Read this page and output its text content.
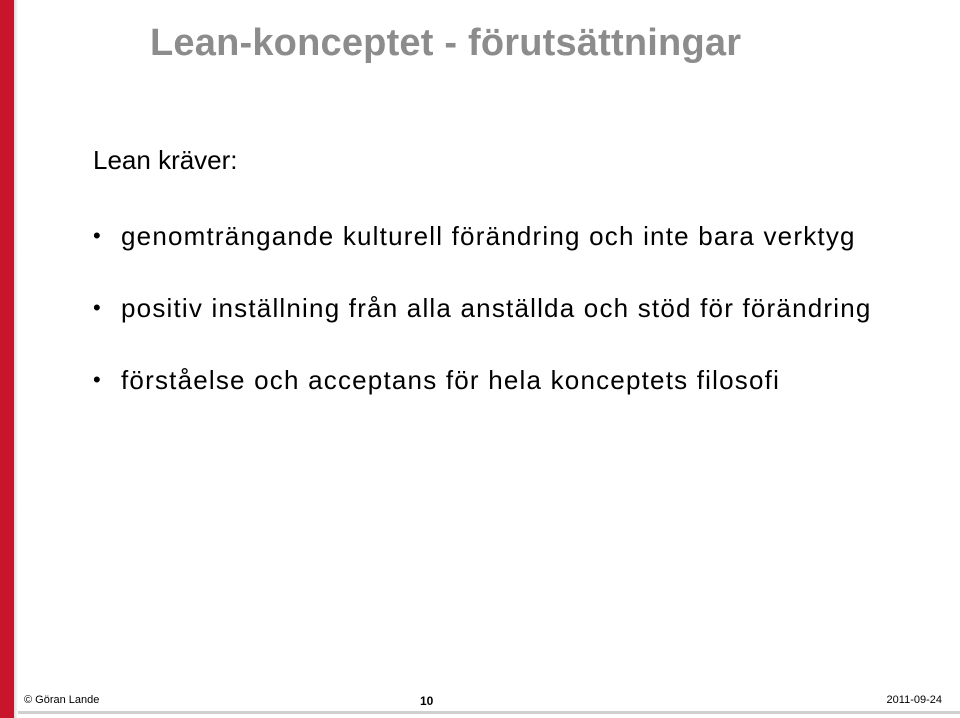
Lean-konceptet - förutsättningar
Lean kräver:
• genomträngande kulturell förändring och inte bara verktyg
• positiv inställning från alla anställda och stöd för förändring
• förståelse och acceptans för hela konceptets filosofi
© Göran Lande	10	2011-09-24
